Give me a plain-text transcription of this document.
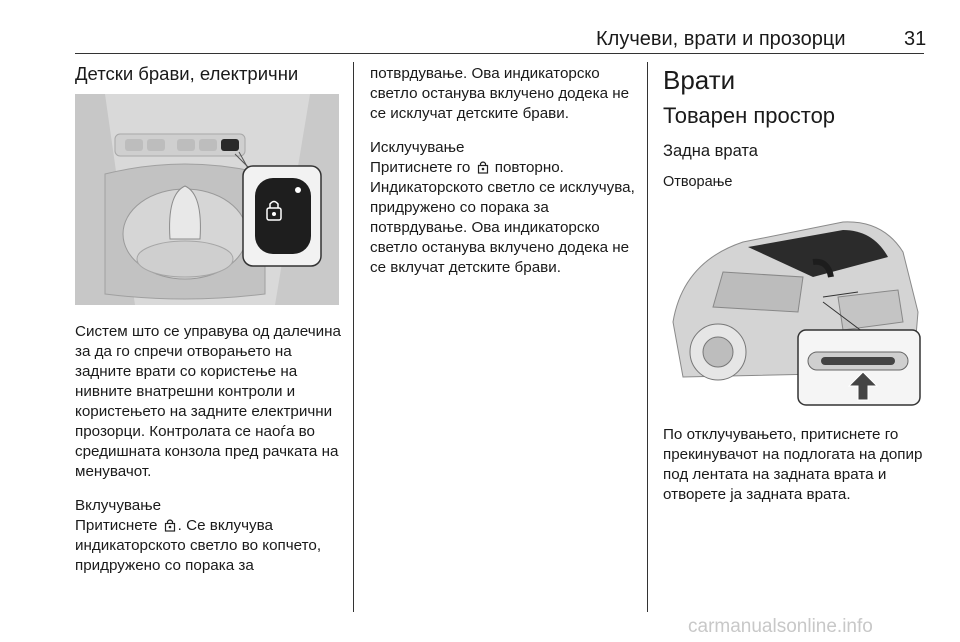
Клучеви, врати и прозорци	31
Детски брави, електрични

Систем што се управува од далечина за да го спречи отворањето на задните врати со користење на нивните внатрешни контроли и користењето на задните електрични прозорци. Контролата се наоѓа во средишната конзола пред рачката на менувачот.

Вклучување

Притиснете . Се вклучува индикаторското светло во копчето, придружено со порака за

потврдување. Ова индикаторско светло останува вклучено додека не се исклучат детските брави.

Исклучување

Притиснете го  повторно. Индикаторското светло се исклучува, придружено со порака за потврдување. Ова индикаторско светло останува вклучено додека не се вклучат детските брави.

Врати
Товарен простор
Задна врата
Отворање

По отклучувањето, притиснете го прекинувачот на подлогата на допир под лентата на задната врата и отворете ја задната врата.

carmanualsonline.info
